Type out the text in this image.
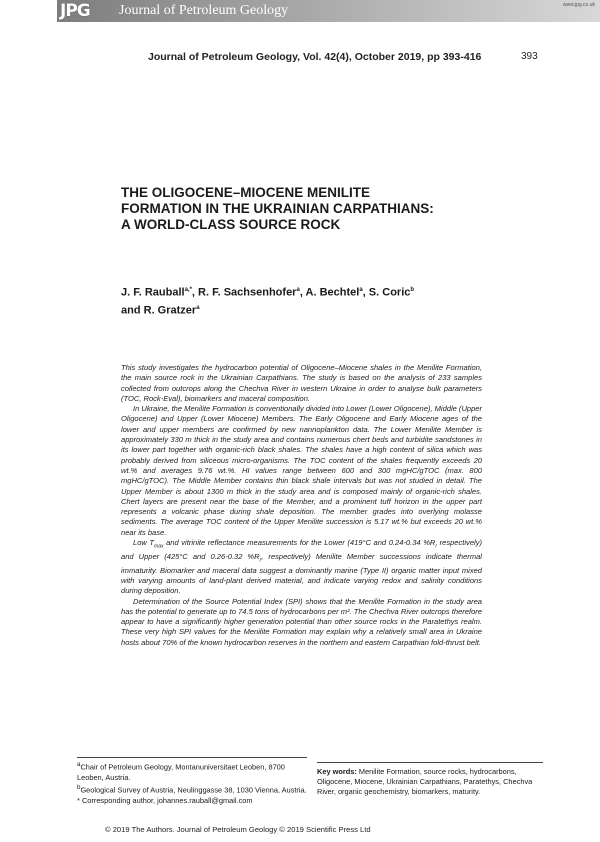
JPG Journal of Petroleum Geology	www.jpg.co.uk
Journal of Petroleum Geology, Vol. 42(4), October 2019, pp 393-416	393
THE OLIGOCENE–MIOCENE MENILITE
FORMATION IN THE UKRAINIAN CARPATHIANS:
A WORLD-CLASS SOURCE ROCK
J. F. Rauball$^{a,*}$, R. F. Sachsenhofer$^a$, A. Bechtel$^a$, S. Coric$^b$
and R. Gratzer$^a$

This study investigates the hydrocarbon potential of Oligocene–Miocene shales in the Menilite Formation, the main source rock in the Ukrainian Carpathians. The study is based on the analysis of 233 samples collected from outcrops along the Chechva River in western Ukraine in order to analyse bulk parameters (TOC, Rock-Eval), biomarkers and maceral composition.

In Ukraine, the Menilite Formation is conventionally divided into Lower (Lower Oligocene), Middle (Upper Oligocene) and Upper (Lower Miocene) Members. The Early Oligocene and Early Miocene ages of the lower and upper members are confirmed by new nannoplankton data. The Lower Menilite Member is approximately 330 m thick in the study area and contains numerous chert beds and turbidite sandstones in its lower part together with organic-rich black shales. The shales have a high content of silica which was probably derived from siliceous micro-organisms. The TOC content of the shales frequently exceeds 20 wt.% and averages 9.76 wt.%. HI values range between 600 and 300 mgHC/gTOC (max. 800 mgHC/gTOC). The Middle Member contains thin black shale intervals but was not studied in detail. The Upper Member is about 1300 m thick in the study area and is composed mainly of organic-rich shales. Chert layers are present near the base of the Member, and a prominent tuff horizon in the upper part represents a volcanic phase during shale deposition. The member grades into overlying molasse sediments. The average TOC content of the Upper Menilite succession is 5.17 wt.% but exceeds 20 wt.% near its base.

Low $T_{max}$ and vitrinite reflectance measurements for the Lower (419°C and 0.24-0.34 $\%R_r$ respectively) and Upper (425°C and 0.26-0.32 $\%R_r$, respectively) Menilite Member successions indicate thermal immaturity. Biomarker and maceral data suggest a dominantly marine (Type II) organic matter input mixed with varying amounts of land-plant derived material, and indicate varying redox and salinity conditions during deposition.

Determination of the Source Potential Index (SPI) shows that the Menilite Formation in the study area has the potential to generate up to 74.5 tons of hydrocarbons per m². The Chechva River outcrops therefore appear to have a significantly higher generation potential than other source rocks in the Paratethys realm. These very high SPI values for the Menilite Formation may explain why a relatively small area in Ukraine hosts about 70% of the known hydrocarbon reserves in the northern and eastern Carpathian fold-thrust belt.

$^a$Chair of Petroleum Geology, Montanuniversitaet Leoben, 8700 Leoben, Austria.
$^b$Geological Survey of Austria, Neulinggasse 38, 1030 Vienna, Austria.
* Corresponding author, johannes.rauball@gmail.com
Key words: Menilite Formation, source rocks, hydrocarbons, Oligocene, Miocene, Ukrainian Carpathians, Paratethys, Chechva River, organic geochemistry, biomarkers, maturity.
© 2019 The Authors. Journal of Petroleum Geology © 2019 Scientific Press Ltd
